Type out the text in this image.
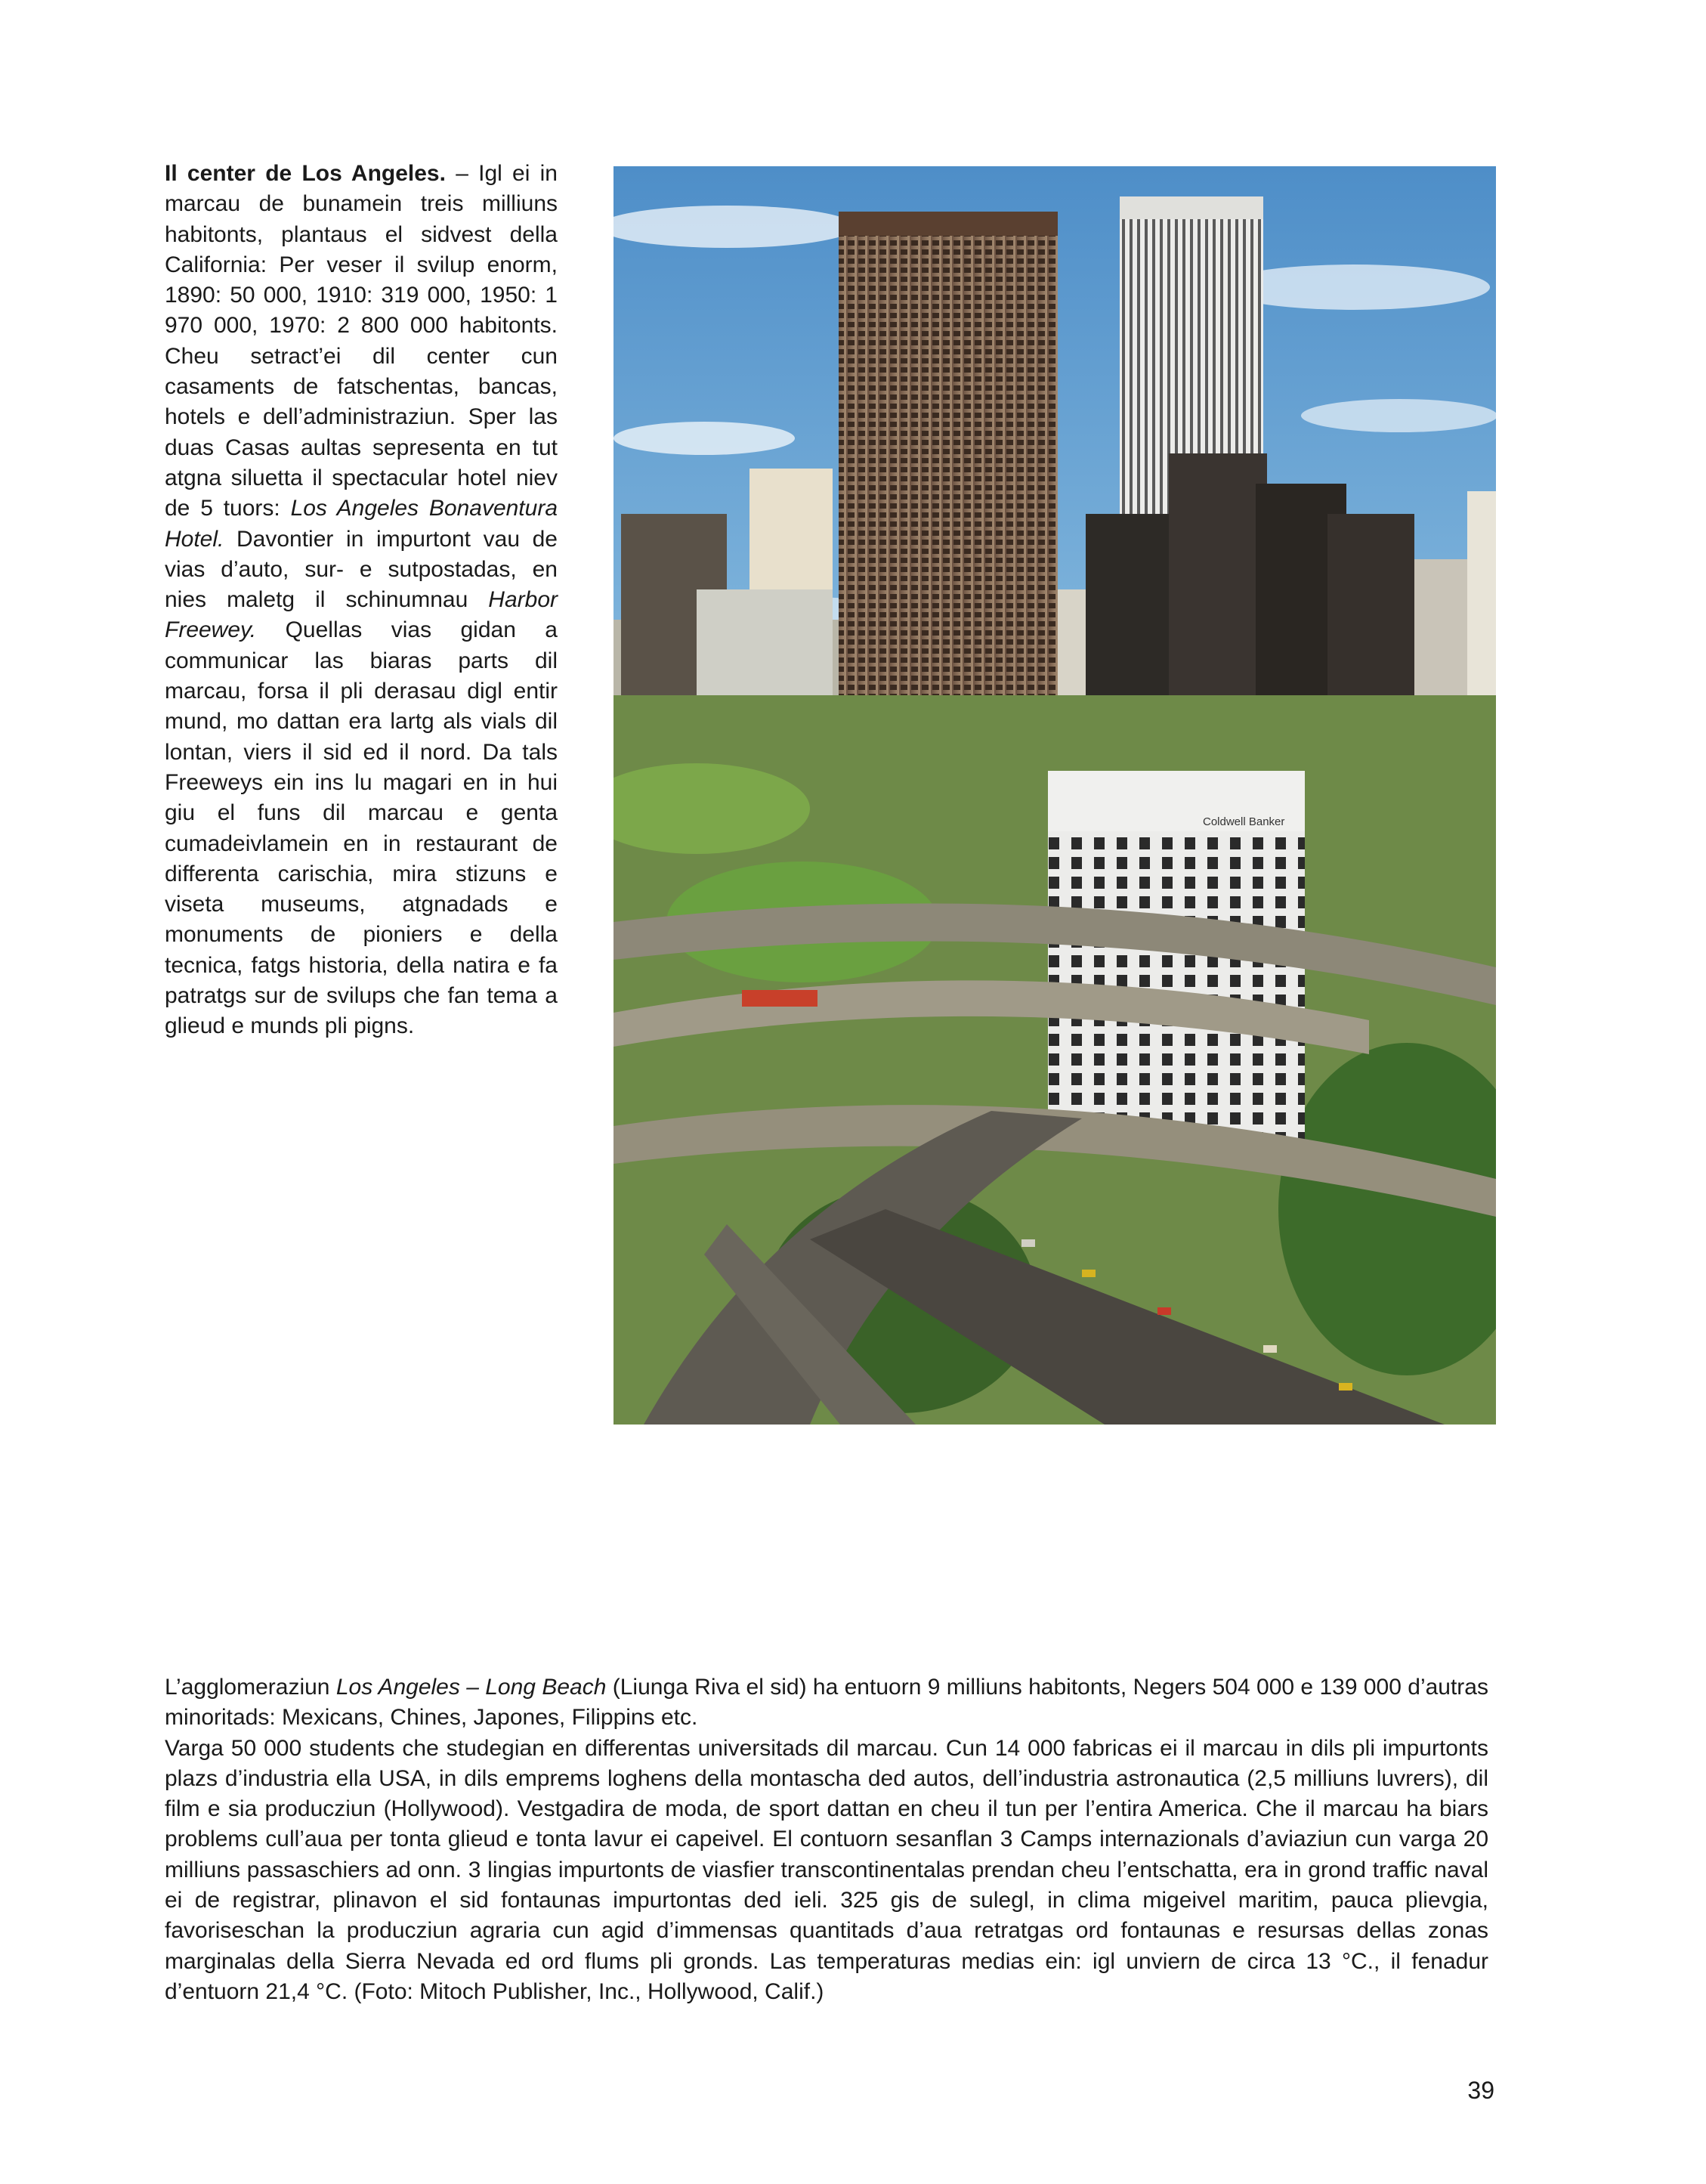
Il center de Los Angeles. – Igl ei in marcau de bunamein treis milliuns habitonts, plantaus el sidvest della California: Per veser il svilup enorm, 1890: 50 000, 1910: 319 000, 1950: 1 970 000, 1970: 2 800 000 habitonts. Cheu setract’ei dil center cun casaments de fatschentas, bancas, hotels e dell’administraziun. Sper las duas Casas aultas sepresenta en tut atgna siluetta il spectacular hotel niev de 5 tuors: Los Angeles Bonaventura Hotel. Davontier in impurtont vau de vias d’auto, sur- e sutpostadas, en nies maletg il schinumnau Harbor Freewey. Quellas vias gidan a communicar las biaras parts dil marcau, forsa il pli derasau digl entir mund, mo dattan era lartg als vials dil lontan, viers il sid ed il nord. Da tals Freeweys ein ins lu magari en in hui giu el funs dil marcau e genta cumadeivlamein en in restaurant de differenta carischia, mira stizuns e viseta museums, atgnadads e monuments de pioniers e della tecnica, fatgs historia, della natira e fa patratgs sur de svilups che fan tema a glieud e munds pli pigns.
Coldwell Banker

L’agglomeraziun Los Angeles – Long Beach (Liunga Riva el sid) ha entuorn 9 milliuns habitonts, Negers 504 000 e 139 000 d’autras minoritads: Mexicans, Chines, Japones, Filippins etc.

Varga 50 000 students che studegian en differentas universitads dil marcau. Cun 14 000 fabricas ei il marcau in dils pli impurtonts plazs d’industria ella USA, in dils emprems loghens della montascha ded autos, dell’industria astronautica (2,5 milliuns luvrers), dil film e sia producziun (Hollywood). Vestgadira de moda, de sport dattan en cheu il tun per l’entira America. Che il marcau ha biars problems cull’aua per tonta glieud e tonta lavur ei capeivel. El contuorn sesanflan 3 Camps internazionals d’aviaziun cun varga 20 milliuns passaschiers ad onn. 3 lingias impurtonts de viasfier transcontinentalas prendan cheu l’entschatta, era in grond traffic naval ei de registrar, plinavon el sid fontaunas impurtontas ded ieli. 325 gis de sulegl, in clima migeivel maritim, pauca plievgia, favoriseschan la producziun agraria cun agid d’immensas quantitads d’aua retratgas ord fontaunas e resursas dellas zonas marginalas della Sierra Nevada ed ord flums pli gronds. Las temperaturas medias ein: igl unviern de circa 13 °C., il fenadur d’entuorn 21,4 °C. (Foto: Mitoch Publisher, Inc., Hollywood, Calif.)

39
